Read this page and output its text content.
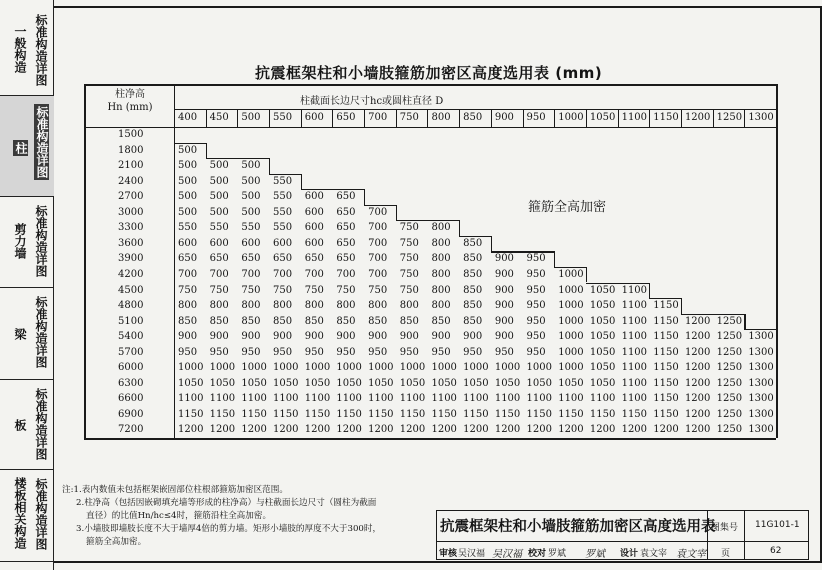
标准构造详图
一般构造
标准构造详图
柱
标准构造详图
剪力墙
标准构造详图
梁
标准构造详图
板
标准构造详图
楼板相关构造
抗震框架柱和小墙肢箍筋加密区高度选用表 (mm)
柱净高
Hn (mm)
柱截面长边尺寸hc或圆柱直径 D
400 450 500 550 600 650 700 750 800 850 900 950 1000 1050 1100 1150 1200 1250 1300
1500
1800	500
2100	500 500 500
2400	500 500 500 550
2700	500 500 500 550 600 650
3000	500 500 500 550 600 650 700
3300	550 550 550 550 600 650 700 750 800
3600	600 600 600 600 600 650 700 750 800 850
3900	650 650 650 650 650 650 700 750 800 850 900 950
4200	700 700 700 700 700 700 700 750 800 850 900 950 1000
4500	750 750 750 750 750 750 750 750 800 850 900 950 1000 1050 1100
4800	800 800 800 800 800 800 800 800 800 850 900 950 1000 1050 1100 1150
5100	850 850 850 850 850 850 850 850 850 850 900 950 1000 1050 1100 1150 1200 1250
5400	900 900 900 900 900 900 900 900 900 900 900 950 1000 1050 1100 1150 1200 1250 1300
5700	950 950 950 950 950 950 950 950 950 950 950 950 1000 1050 1100 1150 1200 1250 1300
6000	1000 1000 1000 1000 1000 1000 1000 1000 1000 1000 1000 1000 1000 1050 1100 1150 1200 1250 1300
6300	1050 1050 1050 1050 1050 1050 1050 1050 1050 1050 1050 1050 1050 1050 1100 1150 1200 1250 1300
6600	1100 1100 1100 1100 1100 1100 1100 1100 1100 1100 1100 1100 1100 1100 1100 1150 1200 1250 1300
6900	1150 1150 1150 1150 1150 1150 1150 1150 1150 1150 1150 1150 1150 1150 1150 1150 1200 1250 1300
7200	1200 1200 1200 1200 1200 1200 1200 1200 1200 1200 1200 1200 1200 1200 1200 1200 1200 1250 1300
箍筋全高加密
注:1.表内数值未包括框架嵌固部位柱根部箍筋加密区范围。
2.柱净高（包括因嵌砌填充墙等形成的柱净高）与柱截面长边尺寸（圆柱为截面
直径）的比值Hn/hc≤4时，箍筋沿柱全高加密。
3.小墙肢即墙肢长度不大于墙厚4倍的剪力墙。矩形小墙肢的厚度不大于300时，
箍筋全高加密。
抗震框架柱和小墙肢箍筋加密区高度选用表
图集号 11G101-1
审核 吴汉福 吴汉福 校对 罗斌 罗斌 设计 袁文宰 袁文宰 页	62
